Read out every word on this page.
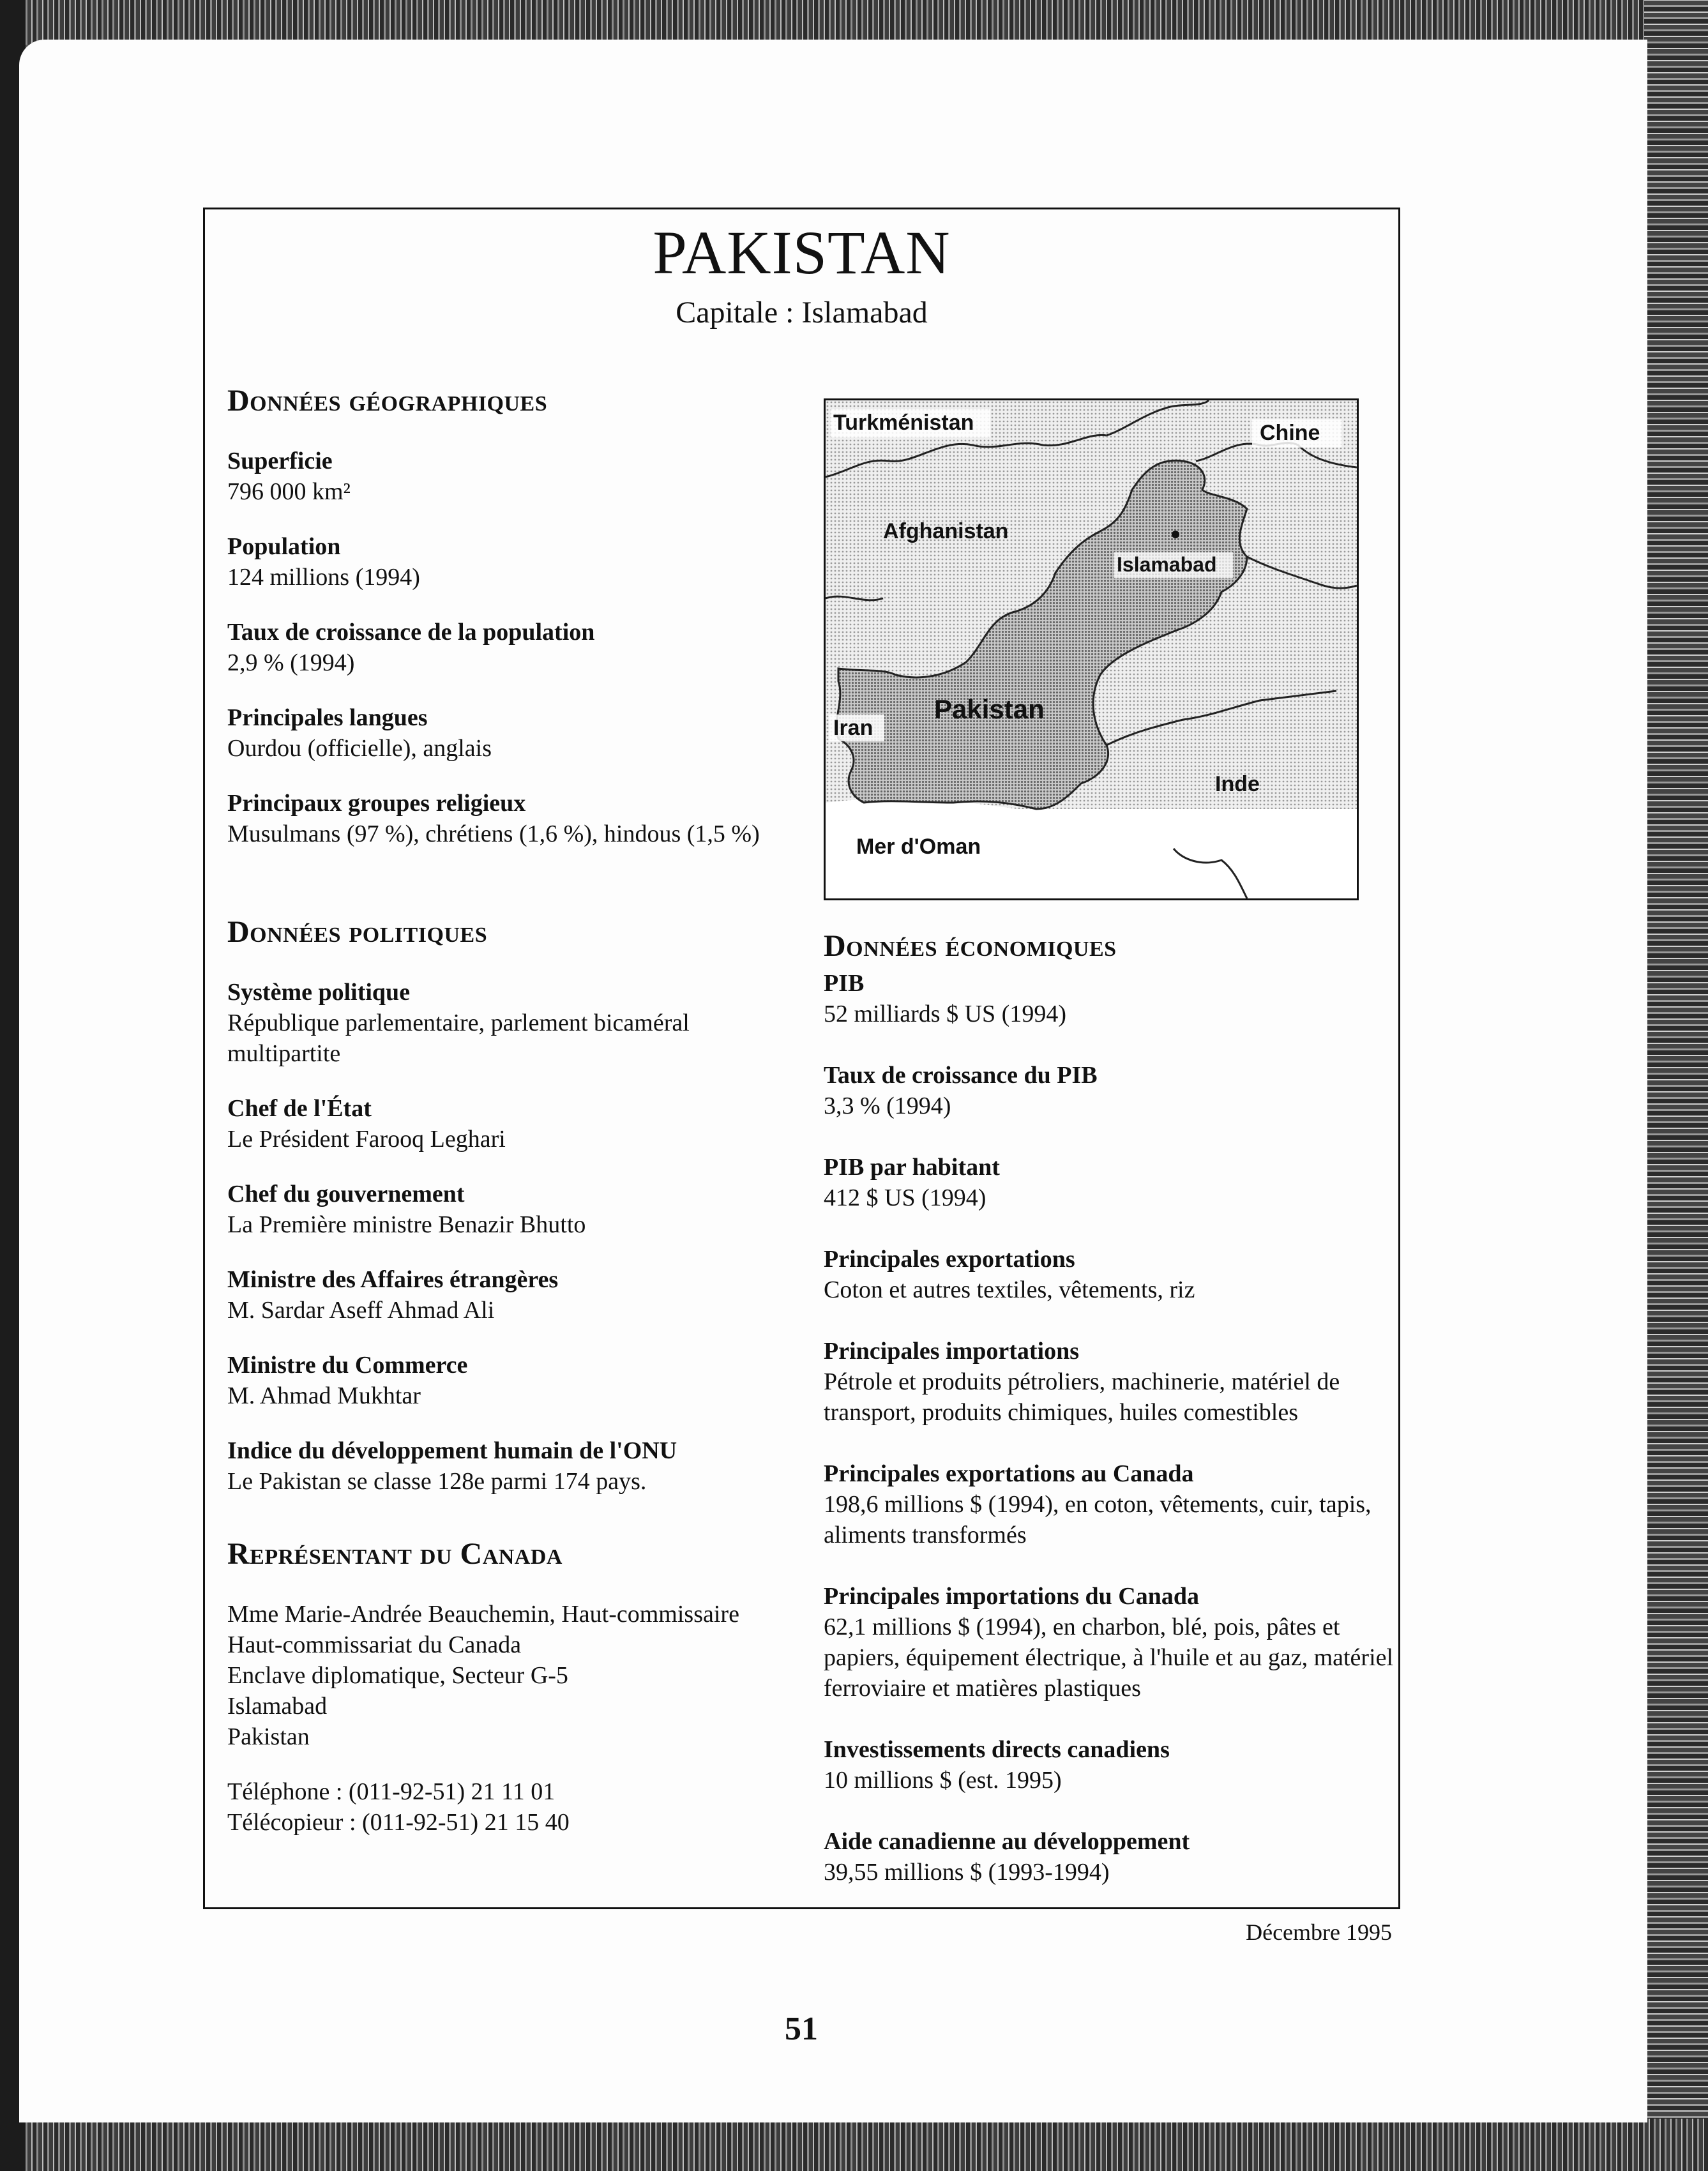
PAKISTAN
Capitale : Islamabad
Données géographiques
Superficie
796 000 km²
Population
124 millions (1994)
Taux de croissance de la population
2,9 % (1994)
Principales langues
Ourdou (officielle), anglais
Principaux groupes religieux
Musulmans (97 %), chrétiens (1,6 %), hindous (1,5 %)
Données politiques
Système politique
République parlementaire, parlement bicaméral multipartite
Chef de l'État
Le Président Farooq Leghari
Chef du gouvernement
La Première ministre Benazir Bhutto
Ministre des Affaires étrangères
M. Sardar Aseff Ahmad Ali
Ministre du Commerce
M. Ahmad Mukhtar
Indice du développement humain de l'ONU
Le Pakistan se classe 128e parmi 174 pays.
Représentant du Canada
Mme Marie-Andrée Beauchemin, Haut-commissaire
Haut-commissariat du Canada
Enclave diplomatique, Secteur G-5
Islamabad
Pakistan
Téléphone : (011-92-51) 21 11 01
Télécopieur : (011-92-51) 21 15 40
Turkménistan	Chine
Afghanistan
Islamabad
Iran
Pakistan
Inde
Mer d'Oman
Données économiques
PIB
52 milliards $ US (1994)
Taux de croissance du PIB
3,3 % (1994)
PIB par habitant
412 $ US (1994)
Principales exportations
Coton et autres textiles, vêtements, riz
Principales importations
Pétrole et produits pétroliers, machinerie, matériel de transport, produits chimiques, huiles comestibles
Principales exportations au Canada
198,6 millions $ (1994), en coton, vêtements, cuir, tapis, aliments transformés
Principales importations du Canada
62,1 millions $ (1994), en charbon, blé, pois, pâtes et papiers, équipement électrique, à l'huile et au gaz, matériel ferroviaire et matières plastiques
Investissements directs canadiens
10 millions $ (est. 1995)
Aide canadienne au développement
39,55 millions $ (1993-1994)
Décembre 1995
51
